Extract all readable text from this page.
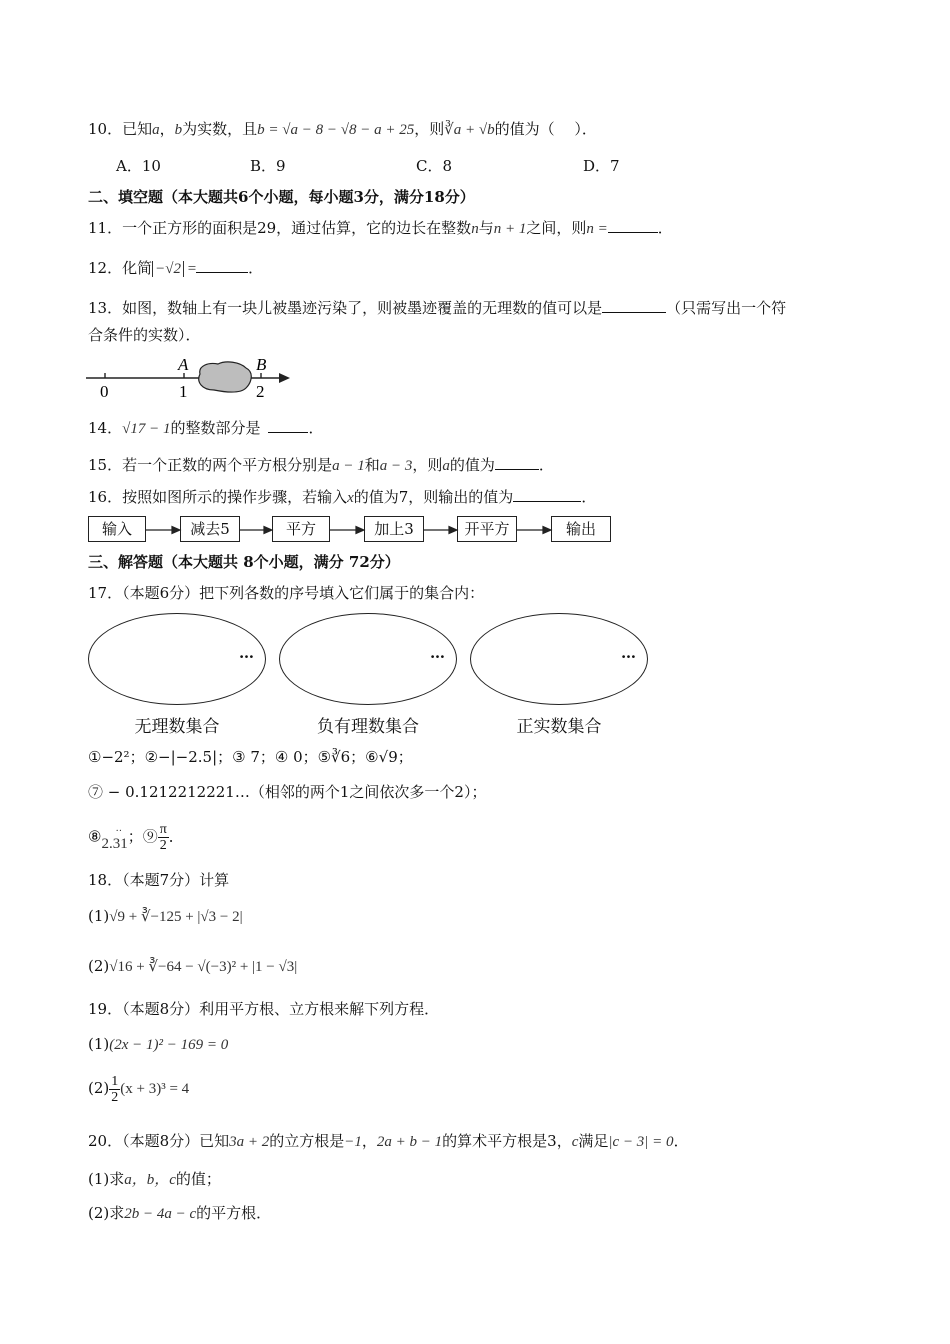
10．已知a，b为实数，且b = √a − 8 − √8 − a + 25，则∛a + √b的值为（　 ）．
A．10	B．9	C．8	D．7
二、填空题（本大题共6个小题，每小题3分，满分18分）
11．一个正方形的面积是29，通过估算，它的边长在整数n与n + 1之间，则n =	．
12．化简 −√2 =	．
13．如图，数轴上有一块儿被墨迹污染了，则被墨迹覆盖的无理数的值可以是	（只需写出一个符
合条件的实数）．
0	1	2
A	B
14．√17 − 1的整数部分是	．
15．若一个正数的两个平方根分别是a − 1和a − 3，则a的值为	．
16．按照如图所示的操作步骤，若输入x的值为7，则输出的值为	．
输入	减去5	平方	加上3	开平方	输出
三、解答题（本大题共 8个小题，满分 72分）
17．（本题6分）把下列各数的序号填入它们属于的集合内：
…	…	…
无理数集合	负有理数集合	正实数集合
①−2²；②−|−2.5|；③ 7；④ 0；⑤∛6；⑥√9；
⑦ − 0.1212212221…（相邻的两个1之间依次多一个2）；
⑧ ··
2.31；⑨ $\frac{\pi}{2}$ ．
18．（本题7分）计算
(1)√9 + ∛−125 + |√3 − 2|
(2)√16 + ∛−64 − √(−3)² + |1 − √3|
19．（本题8分）利用平方根、立方根来解下列方程．
(1)(2x − 1)² − 169 = 0
$(2) \frac{1}{2} (x + 3)^3 = 4$
20．（本题8分）已知3a + 2的立方根是−1，2a + b − 1的算术平方根是3，c满足|c − 3| = 0．
(1)求a，b，c的值；
(2)求2b − 4a − c的平方根．
